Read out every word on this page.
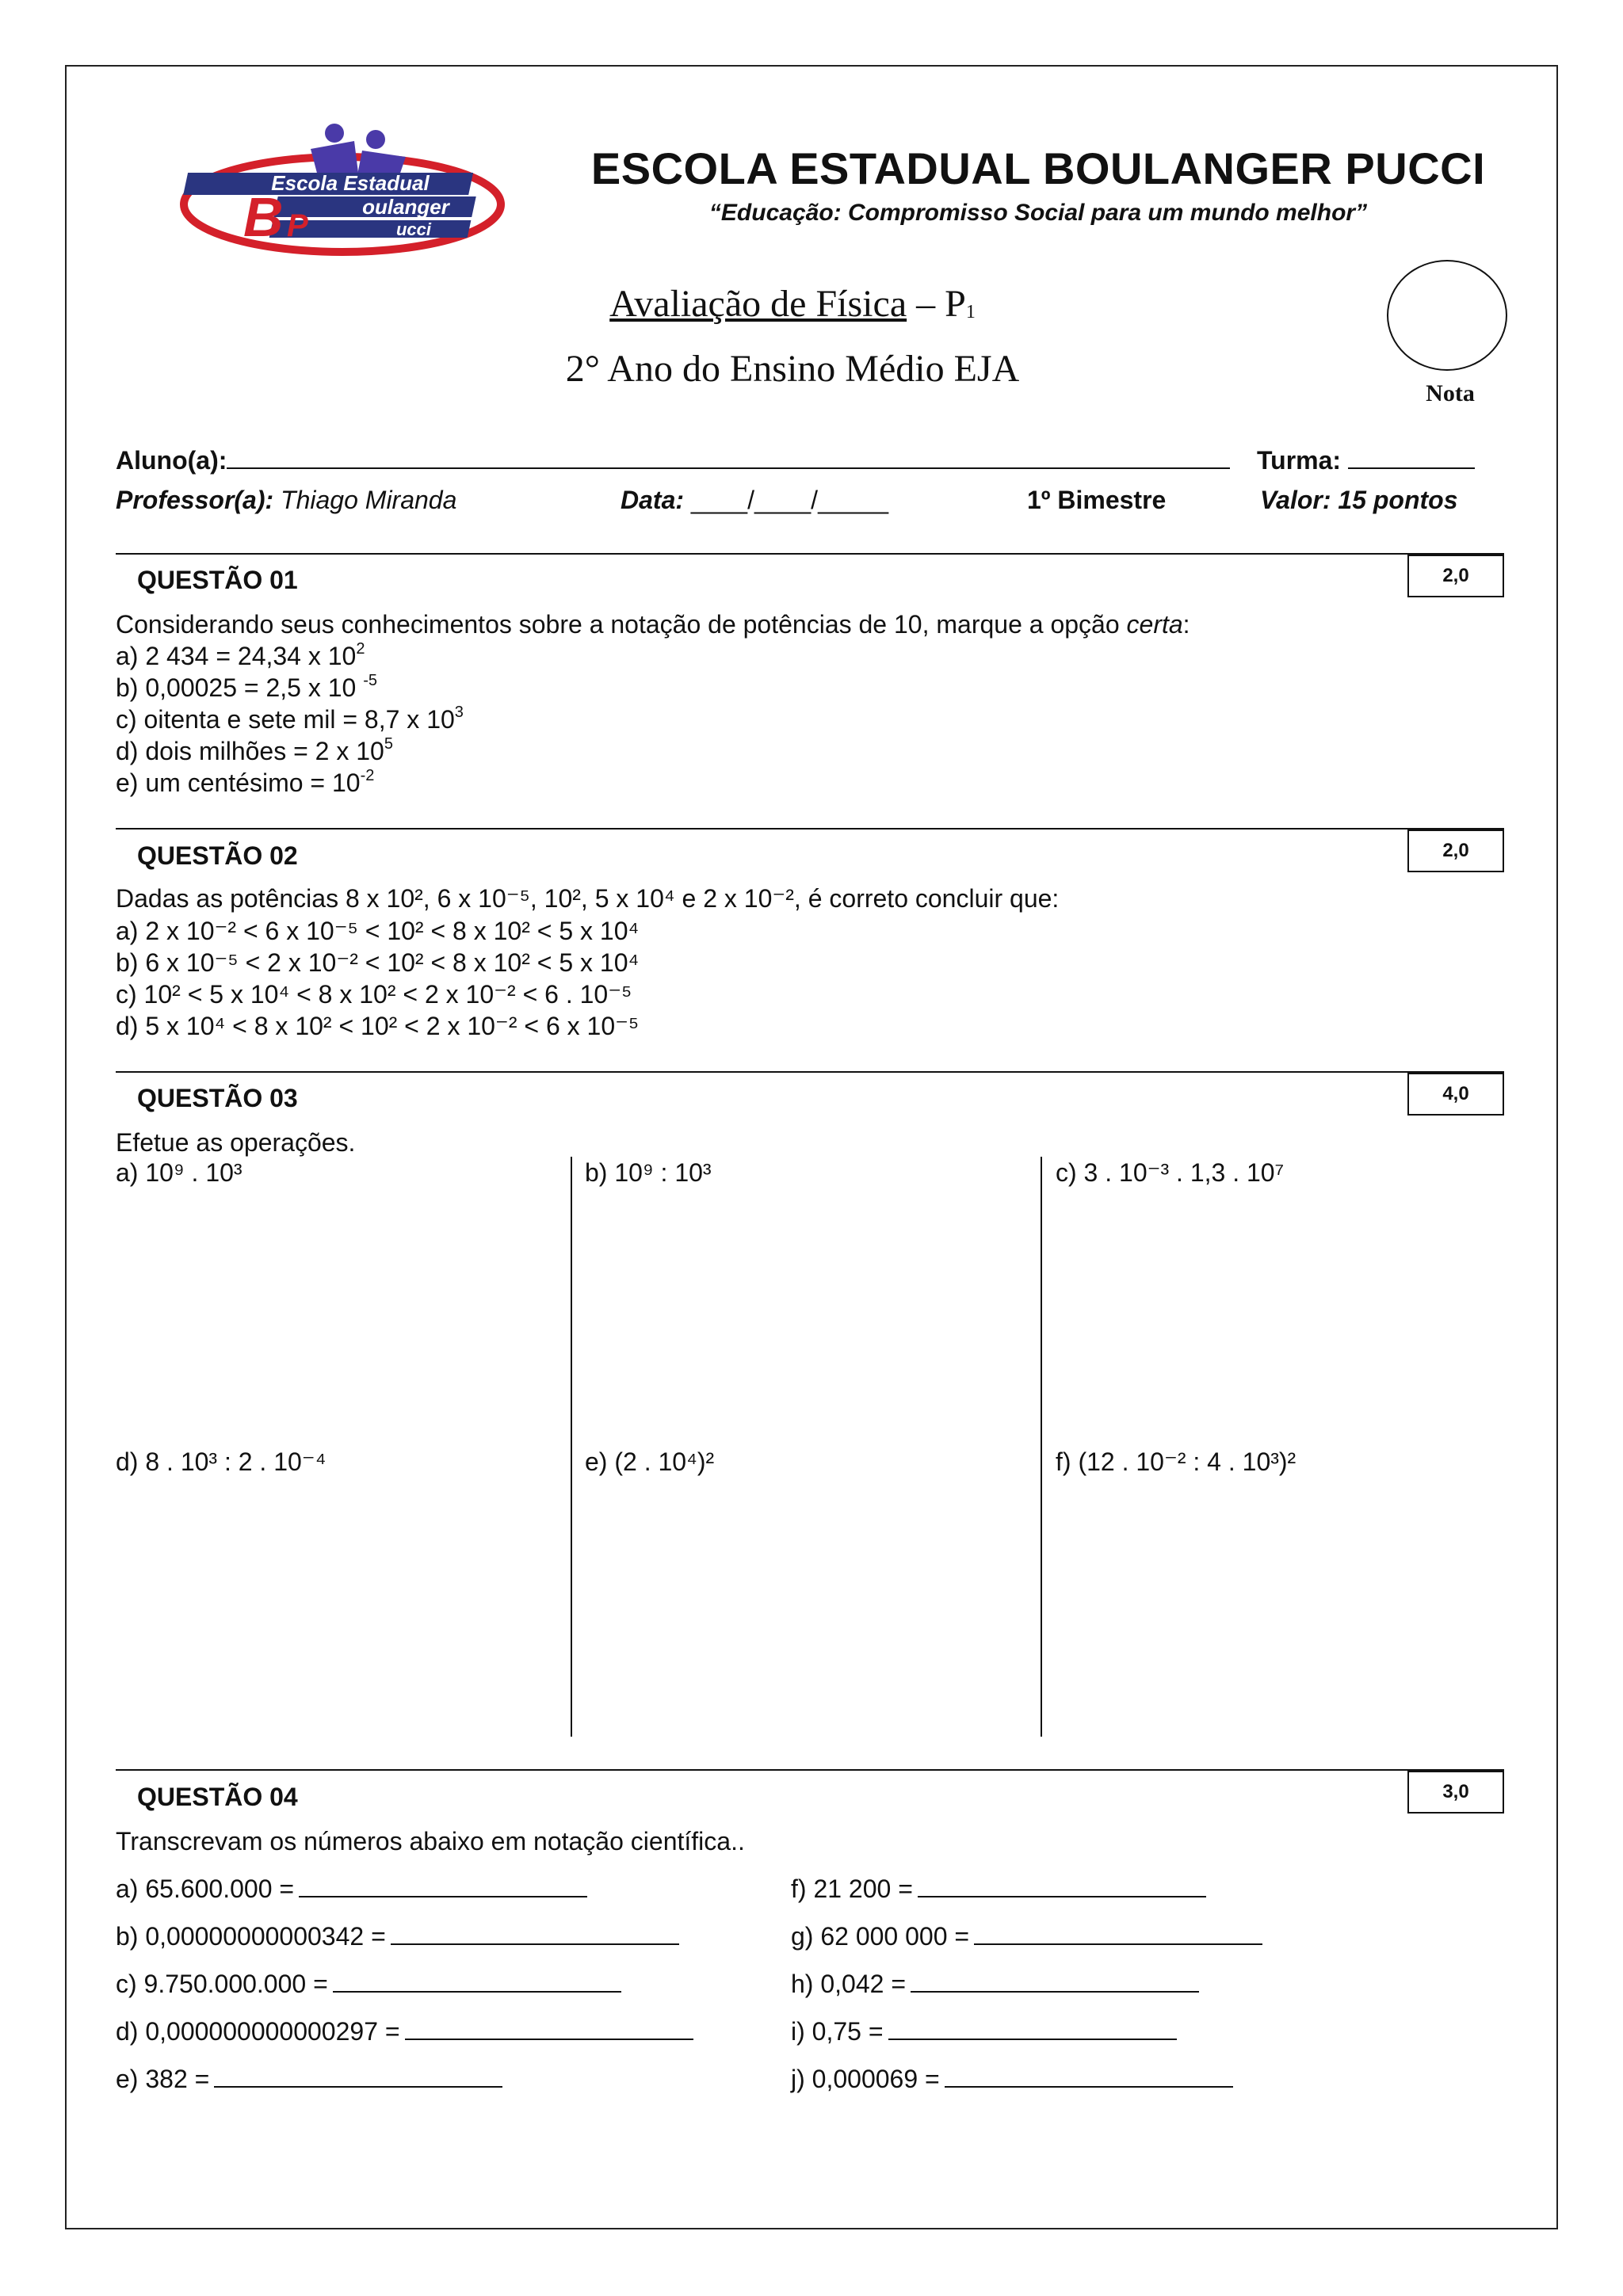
Escola Estadual
oulanger
ucci
B P
ESCOLA ESTADUAL BOULANGER PUCCI
“Educação: Compromisso Social para um mundo melhor”
Avaliação de Física – $P_1$
2° Ano do Ensino Médio EJA
Nota
Aluno(a):	Turma:
Professor(a): Thiago Miranda	Data: ____/____/_____	1º Bimestre	Valor: 15 pontos
QUESTÃO 01	2,0
Considerando seus conhecimentos sobre a notação de potências de 10, marque a opção certa:
a) 2 434 = 24,34 x $10^2$
b) 0,00025 = 2,5 x 10 $^{-5}$
c) oitenta e sete mil = 8,7 x $10^3$
d) dois milhões = 2 x $10^5$
e) um centésimo = $10^{-2}$
QUESTÃO 02	2,0
Dadas as potências 8 x 10², 6 x 10⁻⁵, 10², 5 x 10⁴ e 2 x 10⁻², é correto concluir que:
a) 2 x 10⁻² < 6 x 10⁻⁵ < 10² < 8 x 10² < 5 x 10⁴
b) 6 x 10⁻⁵ < 2 x 10⁻² < 10² < 8 x 10² < 5 x 10⁴
c) 10² < 5 x 10⁴ < 8 x 10² < 2 x 10⁻² < 6 . 10⁻⁵
d) 5 x 10⁴ < 8 x 10² < 10² < 2 x 10⁻² < 6 x 10⁻⁵
QUESTÃO 03	4,0
Efetue as operações.
a) 10⁹ . 10³	b) 10⁹ : 10³	c) 3 . 10⁻³ . 1,3 . 10⁷
d) 8 . 10³ : 2 . 10⁻⁴	e) (2 . 10⁴)²	f) (12 . 10⁻² : 4 . 10³)²
QUESTÃO 04	3,0
Transcrevam os números abaixo em notação científica..
a) 65.600.000 =
b) 0,00000000000342 =
c) 9.750.000.000 =
d) 0,000000000000297 =
e) 382 =
f) 21 200 =
g) 62 000 000 =
h) 0,042 =
i) 0,75 =
j) 0,000069 =
